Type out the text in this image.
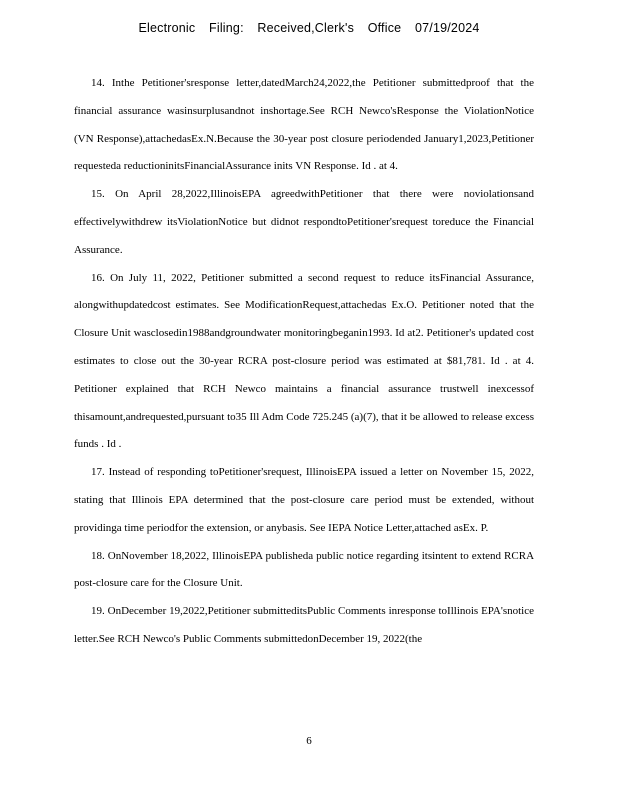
Electronic Filing: Received,Clerk's Office 07/19/2024

14. Inthe Petitioner'sresponse letter,datedMarch24,2022,the Petitioner submittedproof that the financial assurance wasinsurplusandnot inshortage.See RCH Newco'sResponse the ViolationNotice (VN Response),attachedasEx.N.Because the 30-year post closure periodended January1,2023,Petitioner requesteda reductioninitsFinancialAssurance inits VN Response. Id . at 4.

15. On April 28,2022,IllinoisEPA agreedwithPetitioner that there were noviolationsand effectivelywithdrew itsViolationNotice but didnot respondtoPetitioner'srequest toreduce the Financial Assurance.

16. On July 11, 2022, Petitioner submitted a second request to reduce itsFinancial Assurance, alongwithupdatedcost estimates. See ModificationRequest,attachedas Ex.O. Petitioner noted that the Closure Unit wasclosedin1988andgroundwater monitoringbeganin1993. Id at2. Petitioner's updated cost estimates to close out the 30-year RCRA post-closure period was estimated at $81,781. Id . at 4. Petitioner explained that RCH Newco maintains a financial assurance trustwell inexcessof thisamount,andrequested,pursuant to35 Ill Adm Code 725.245 (a)(7), that it be allowed to release excess funds . Id .

17. Instead of responding toPetitioner'srequest, IllinoisEPA issued a letter on November 15, 2022, stating that Illinois EPA determined that the post-closure care period must be extended, without providinga time periodfor the extension, or anybasis. See IEPA Notice Letter,attached asEx. P.

18. OnNovember 18,2022, IllinoisEPA publisheda public notice regarding itsintent to extend RCRA post-closure care for the Closure Unit.

19. OnDecember 19,2022,Petitioner submitteditsPublic Comments inresponse toIllinois EPA'snotice letter.See RCH Newco's Public Comments submittedonDecember 19, 2022(the

6
